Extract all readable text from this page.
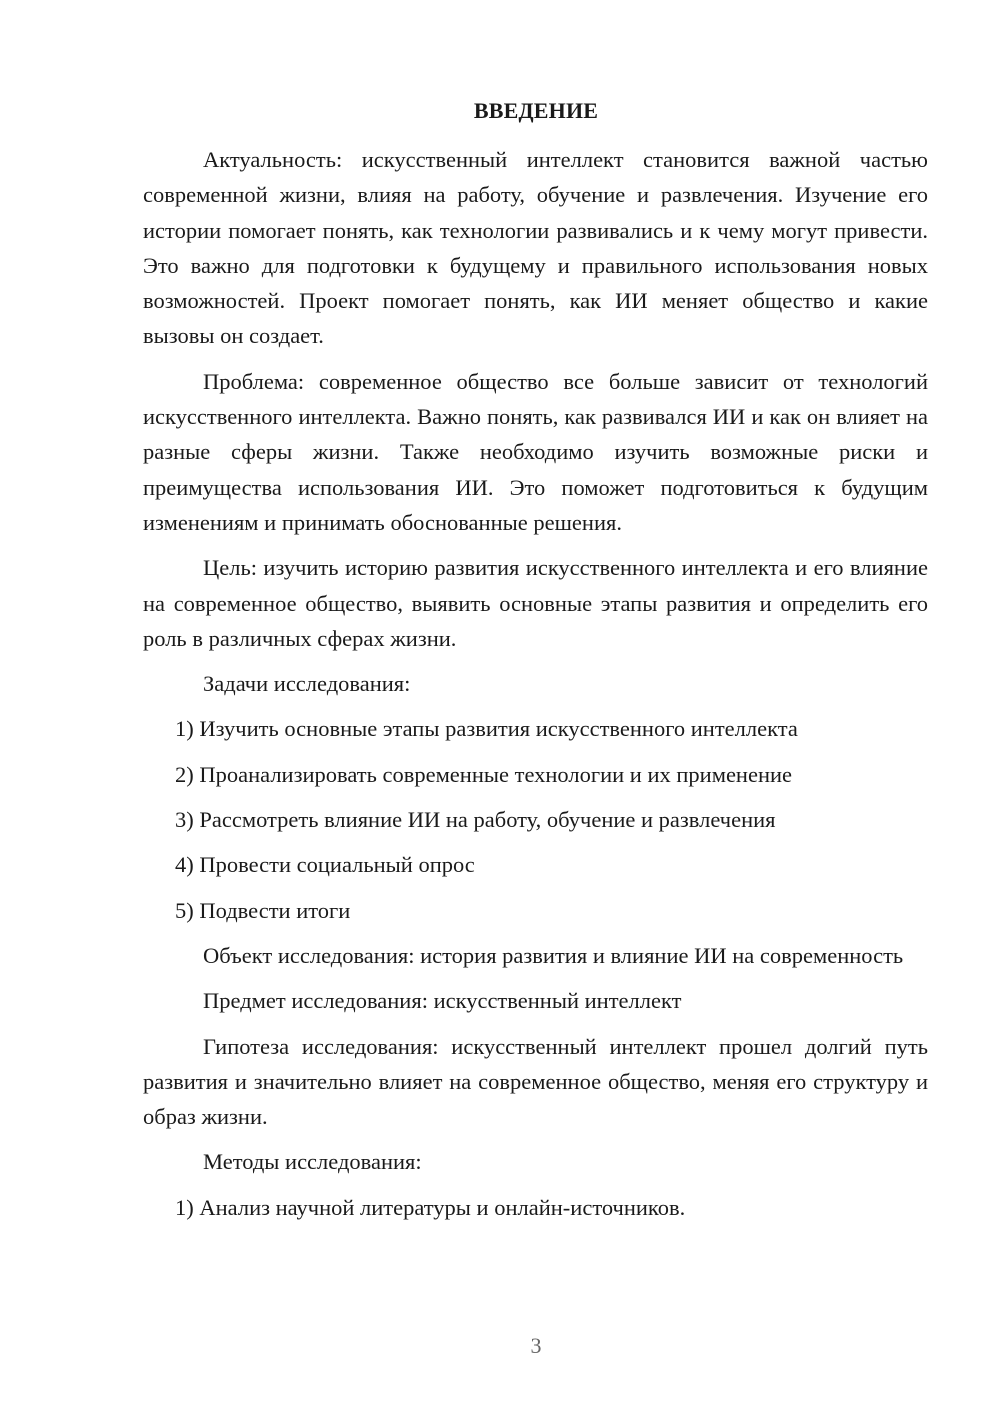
ВВЕДЕНИЕ

Актуальность: искусственный интеллект становится важной частью современной жизни, влияя на работу, обучение и развлечения. Изучение его истории помогает понять, как технологии развивались и к чему могут привести. Это важно для подготовки к будущему и правильного использования новых возможностей. Проект помогает понять, как ИИ меняет общество и какие вызовы он создает.

Проблема: современное общество все больше зависит от технологий искусственного интеллекта. Важно понять, как развивался ИИ и как он влияет на разные сферы жизни. Также необходимо изучить возможные риски и преимущества использования ИИ. Это поможет подготовиться к будущим изменениям и принимать обоснованные решения.

Цель: изучить историю развития искусственного интеллекта и его влияние на современное общество, выявить основные этапы развития и определить его роль в различных сферах жизни.

Задачи исследования:

1) Изучить основные этапы развития искусственного интеллекта
2) Проанализировать современные технологии и их применение
3) Рассмотреть влияние ИИ на работу, обучение и развлечения
4) Провести социальный опрос
5) Подвести итоги

Объект исследования: история развития и влияние ИИ на современность

Предмет исследования: искусственный интеллект

Гипотеза исследования: искусственный интеллект прошел долгий путь развития и значительно влияет на современное общество, меняя его структуру и образ жизни.

Методы исследования:

1) Анализ научной литературы и онлайн-источников.
3
